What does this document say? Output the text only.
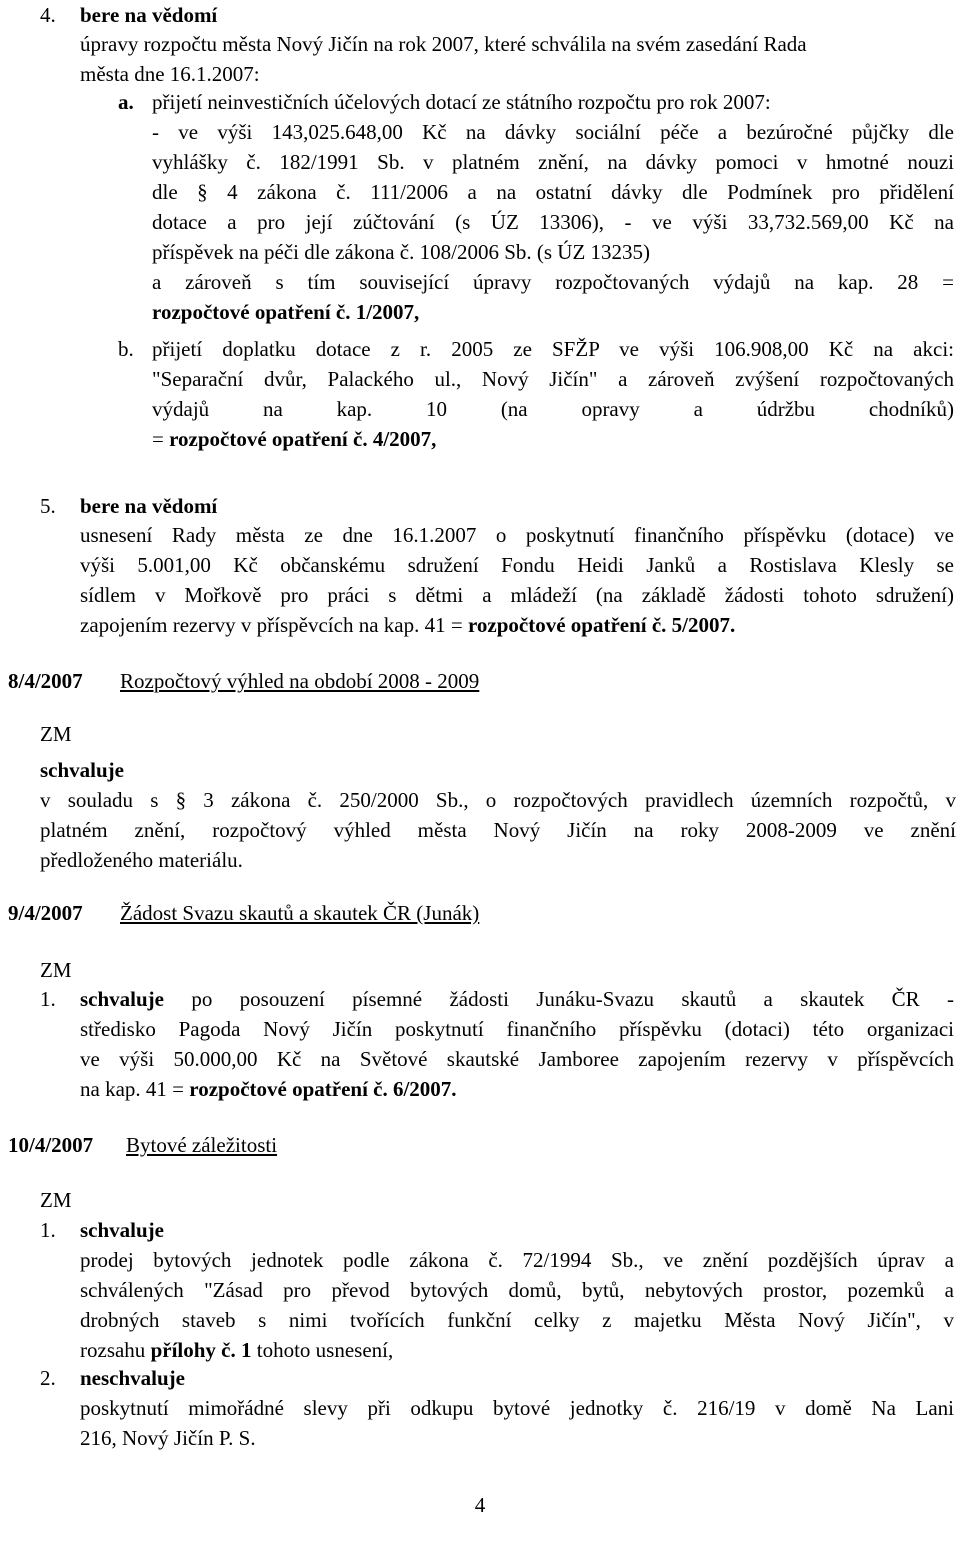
4. bere na vědomí
úpravy rozpočtu města Nový Jičín na rok 2007, které schválila na svém zasedání Rada
města dne 16.1.2007:
a. přijetí neinvestičních účelových dotací ze státního rozpočtu pro rok 2007:
- ve výši 143,025.648,00 Kč na dávky sociální péče a bezúročné půjčky dle
vyhlášky č. 182/1991 Sb. v platném znění, na dávky pomoci v hmotné nouzi
dle § 4 zákona č. 111/2006 a na ostatní dávky dle Podmínek pro přidělení
dotace a pro její zúčtování (s ÚZ 13306), - ve výši 33,732.569,00 Kč na
příspěvek na péči dle zákona č. 108/2006 Sb. (s ÚZ 13235)
a zároveň s tím související úpravy rozpočtovaných výdajů na kap. 28 =
rozpočtové opatření č. 1/2007,
b. přijetí doplatku dotace z r. 2005 ze SFŽP ve výši 106.908,00 Kč na akci:
"Separační dvůr, Palackého ul., Nový Jičín" a zároveň zvýšení rozpočtovaných
výdajů na kap. 10 (na opravy a údržbu chodníků)
= rozpočtové opatření č. 4/2007,
5. bere na vědomí
usnesení Rady města ze dne 16.1.2007 o poskytnutí finančního příspěvku (dotace) ve
výši 5.001,00 Kč občanskému sdružení Fondu Heidi Janků a Rostislava Klesly se
sídlem v Mořkově pro práci s dětmi a mládeží (na základě žádosti tohoto sdružení)
zapojením rezervy v příspěvcích na kap. 41 = rozpočtové opatření č. 5/2007.
8/4/2007 Rozpočtový výhled na období 2008 - 2009
ZM
schvaluje
v souladu s § 3 zákona č. 250/2000 Sb., o rozpočtových pravidlech územních rozpočtů, v
platném znění, rozpočtový výhled města Nový Jičín na roky 2008-2009 ve znění
předloženého materiálu.
9/4/2007 Žádost Svazu skautů a skautek ČR (Junák)
ZM
1. schvaluje po posouzení písemné žádosti Junáku-Svazu skautů a skautek ČR -
středisko Pagoda Nový Jičín poskytnutí finančního příspěvku (dotaci) této organizaci
ve výši 50.000,00 Kč na Světové skautské Jamboree zapojením rezervy v příspěvcích
na kap. 41 = rozpočtové opatření č. 6/2007.
10/4/2007 Bytové záležitosti
ZM
1. schvaluje
prodej bytových jednotek podle zákona č. 72/1994 Sb., ve znění pozdějších úprav a
schválených "Zásad pro převod bytových domů, bytů, nebytových prostor, pozemků a
drobných staveb s nimi tvořících funkční celky z majetku Města Nový Jičín", v
rozsahu přílohy č. 1 tohoto usnesení,
2. neschvaluje
poskytnutí mimořádné slevy při odkupu bytové jednotky č. 216/19 v domě Na Lani
216, Nový Jičín P. S.
4
